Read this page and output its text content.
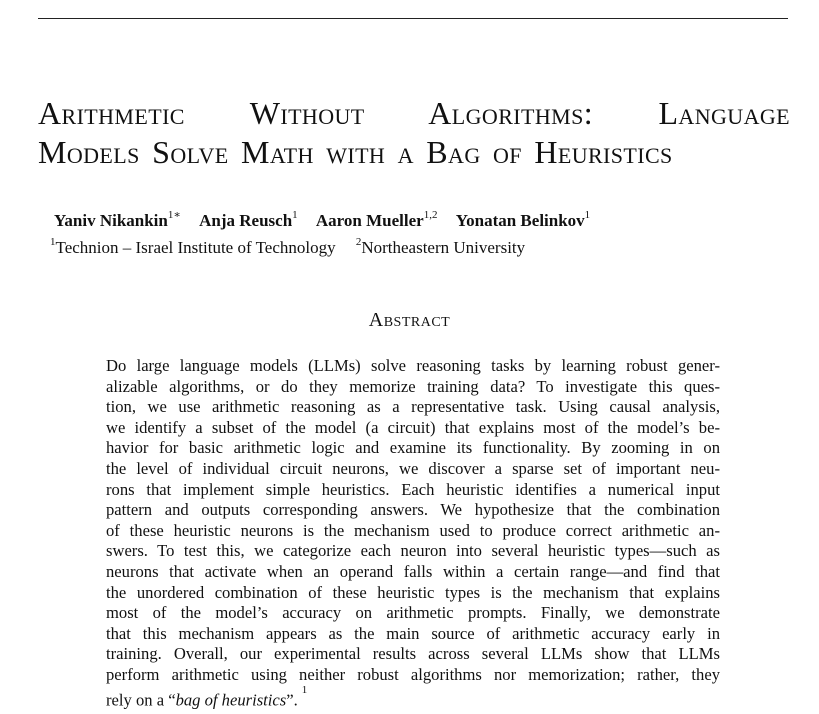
Arithmetic Without Algorithms: Language
Models Solve Math with a Bag of Heuristics
Yaniv Nikankin$^{1∗}$ Anja Reusch$^1$ Aaron Mueller$^{1,2}$ Yonatan Belinkov$^1$
$^1$Technion – Israel Institute of Technology $^2$Northeastern University
Abstract

Do large language models (LLMs) solve reasoning tasks by learning robust gener-
alizable algorithms, or do they memorize training data? To investigate this ques-
tion, we use arithmetic reasoning as a representative task. Using causal analysis,
we identify a subset of the model (a circuit) that explains most of the model’s be-
havior for basic arithmetic logic and examine its functionality. By zooming in on
the level of individual circuit neurons, we discover a sparse set of important neu-
rons that implement simple heuristics. Each heuristic identifies a numerical input
pattern and outputs corresponding answers. We hypothesize that the combination
of these heuristic neurons is the mechanism used to produce correct arithmetic an-
swers. To test this, we categorize each neuron into several heuristic types—such as
neurons that activate when an operand falls within a certain range—and find that
the unordered combination of these heuristic types is the mechanism that explains
most of the model’s accuracy on arithmetic prompts. Finally, we demonstrate
that this mechanism appears as the main source of arithmetic accuracy early in
training. Overall, our experimental results across several LLMs show that LLMs
perform arithmetic using neither robust algorithms nor memorization; rather, they
rely on a “bag of heuristics”.$^1$
